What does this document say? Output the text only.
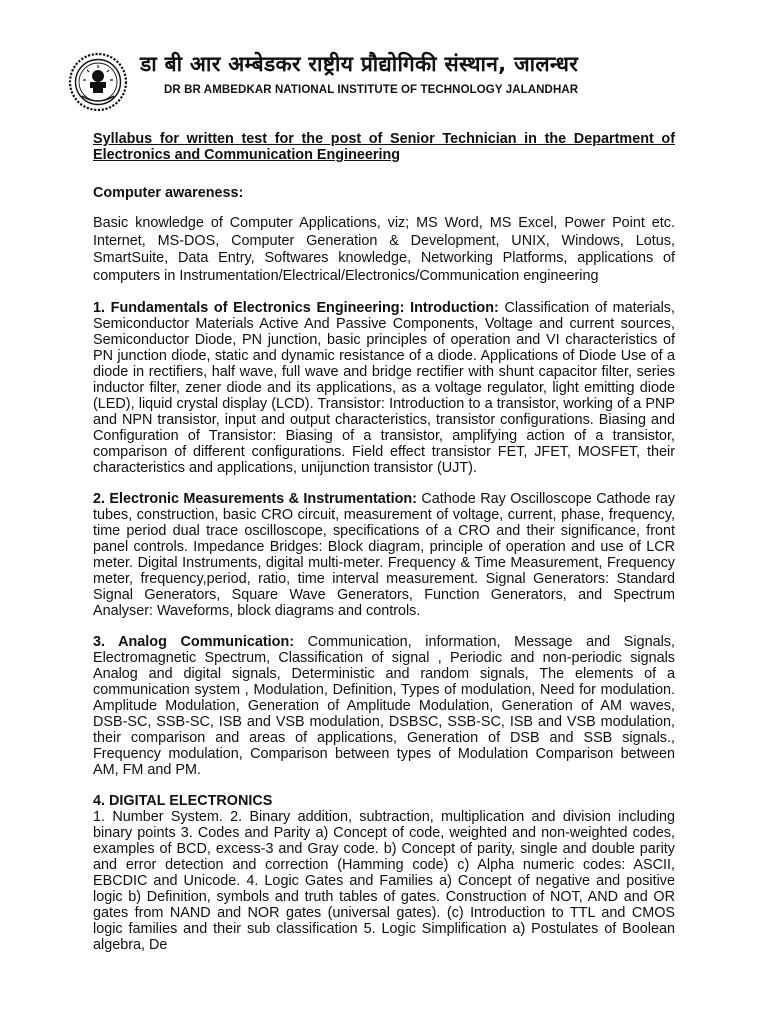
डा बी आर अम्बेडकर राष्ट्रीय प्रौद्योगिकी संस्थान, जालन्धर
DR BR AMBEDKAR NATIONAL INSTITUTE OF TECHNOLOGY JALANDHAR

Syllabus for written test for the post of Senior Technician in the Department of Electronics and Communication Engineering

Computer awareness:

Basic knowledge of Computer Applications, viz; MS Word, MS Excel, Power Point etc. Internet, MS-DOS, Computer Generation & Development, UNIX, Windows, Lotus, SmartSuite, Data Entry, Softwares knowledge, Networking Platforms, applications of computers in Instrumentation/Electrical/Electronics/Communication engineering

1. Fundamentals of Electronics Engineering: Introduction: Classification of materials, Semiconductor Materials Active And Passive Components, Voltage and current sources, Semiconductor Diode, PN junction, basic principles of operation and VI characteristics of PN junction diode, static and dynamic resistance of a diode. Applications of Diode Use of a diode in rectifiers, half wave, full wave and bridge rectifier with shunt capacitor filter, series inductor filter, zener diode and its applications, as a voltage regulator, light emitting diode (LED), liquid crystal display (LCD). Transistor: Introduction to a transistor, working of a PNP and NPN transistor, input and output characteristics, transistor configurations. Biasing and Configuration of Transistor: Biasing of a transistor, amplifying action of a transistor, comparison of different configurations. Field effect transistor FET, JFET, MOSFET, their characteristics and applications, unijunction transistor (UJT).

2. Electronic Measurements & Instrumentation: Cathode Ray Oscilloscope Cathode ray tubes, construction, basic CRO circuit, measurement of voltage, current, phase, frequency, time period dual trace oscilloscope, specifications of a CRO and their significance, front panel controls. Impedance Bridges: Block diagram, principle of operation and use of LCR meter. Digital Instruments, digital multi-meter. Frequency & Time Measurement, Frequency meter, frequency,period, ratio, time interval measurement. Signal Generators: Standard Signal Generators, Square Wave Generators, Function Generators, and Spectrum Analyser: Waveforms, block diagrams and controls.

3. Analog Communication: Communication, information, Message and Signals, Electromagnetic Spectrum, Classification of signal , Periodic and non-periodic signals Analog and digital signals, Deterministic and random signals, The elements of a communication system , Modulation, Definition, Types of modulation, Need for modulation. Amplitude Modulation, Generation of Amplitude Modulation, Generation of AM waves, DSB-SC, SSB-SC, ISB and VSB modulation, DSBSC, SSB-SC, ISB and VSB modulation, their comparison and areas of applications, Generation of DSB and SSB signals., Frequency modulation, Comparison between types of Modulation Comparison between AM, FM and PM.

4. DIGITAL ELECTRONICS
1. Number System. 2. Binary addition, subtraction, multiplication and division including binary points 3. Codes and Parity a) Concept of code, weighted and non-weighted codes, examples of BCD, excess-3 and Gray code. b) Concept of parity, single and double parity and error detection and correction (Hamming code) c) Alpha numeric codes: ASCII, EBCDIC and Unicode. 4. Logic Gates and Families a) Concept of negative and positive logic b) Definition, symbols and truth tables of gates. Construction of NOT, AND and OR gates from NAND and NOR gates (universal gates). (c) Introduction to TTL and CMOS logic families and their sub classification 5. Logic Simplification a) Postulates of Boolean algebra, De
